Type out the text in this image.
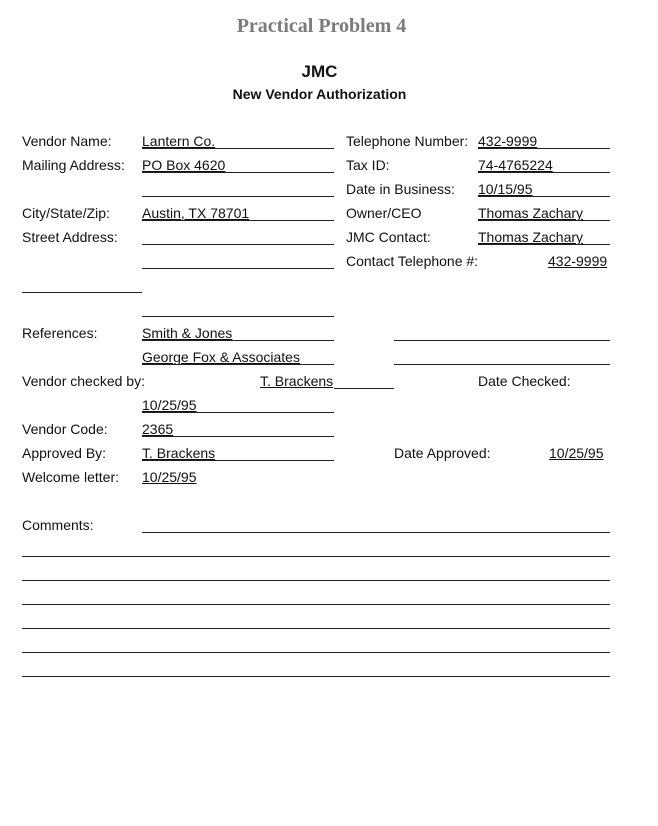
Practical Problem 4
JMC
New Vendor Authorization
Vendor Name:
Mailing Address:
City/State/Zip:
Street Address:
References:
Vendor checked by:
Vendor Code:
Approved By:
Welcome letter:
Comments:
Lantern Co.
PO Box 4620
Austin, TX 78701
Smith & Jones
George Fox & Associates
T. Brackens
10/25/95
2365
T. Brackens
10/25/95
Telephone Number:
Tax ID:
Date in Business:
Owner/CEO
JMC Contact:
Contact Telephone #:
Date Checked:
Date Approved:
432-9999
74-4765224
10/15/95
Thomas Zachary
Thomas Zachary
432-9999
10/25/95
